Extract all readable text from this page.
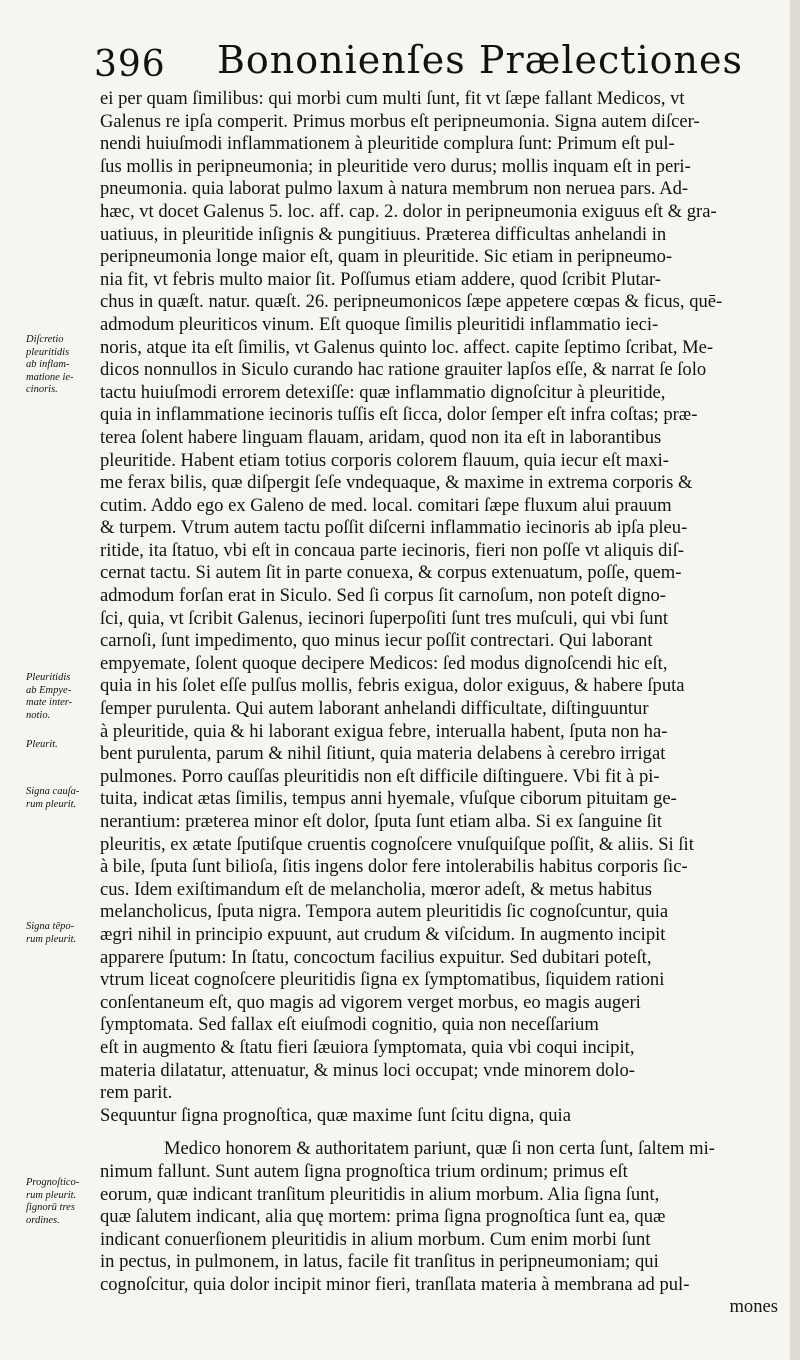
396 Bononienſes Prælectiones
ei per quam ſimilibus: qui morbi cum multi ſunt, fit vt ſæpe fallant Medicos, vt
Galenus re ipſa comperit. Primus morbus eſt peripneumonia. Signa autem diſcer-
nendi huiuſmodi inflammationem à pleuritide complura ſunt: Primum eſt pul-
ſus mollis in peripneumonia; in pleuritide vero durus; mollis inquam eſt in peri-
pneumonia. quia laborat pulmo laxum à natura membrum non neruea pars. Ad-
hæc, vt docet Galenus 5. loc. aff. cap. 2. dolor in peripneumonia exiguus eſt & gra-
uatiuus, in pleuritide inſignis & pungitiuus. Præterea difficultas anhelandi in
peripneumonia longe maior eſt, quam in pleuritide. Sic etiam in peripneumo-
nia fit, vt febris multo maior ſit. Poſſumus etiam addere, quod ſcribit Plutar-
chus in quæſt. natur. quæſt. 26. peripneumonicos ſæpe appetere cœpas & ficus, quē-
admodum pleuriticos vinum. Eſt quoque ſimilis pleuritidi inflammatio ieci-
noris, atque ita eſt ſimilis, vt Galenus quinto loc. affect. capite ſeptimo ſcribat, Me-
dicos nonnullos in Siculo curando hac ratione grauiter lapſos eſſe, & narrat ſe ſolo
tactu huiuſmodi errorem detexiſſe: quæ inflammatio dignoſcitur à pleuritide,
quia in inflammatione iecinoris tuſſis eſt ſicca, dolor ſemper eſt infra coſtas; præ-
terea ſolent habere linguam flauam, aridam, quod non ita eſt in laborantibus
pleuritide. Habent etiam totius corporis colorem flauum, quia iecur eſt maxi-
me ferax bilis, quæ diſpergit ſeſe vndequaque, & maxime in extrema corporis &
cutim. Addo ego ex Galeno de med. local. comitari ſæpe fluxum alui prauum
& turpem. Vtrum autem tactu poſſit diſcerni inflammatio iecinoris ab ipſa pleu-
ritide, ita ſtatuo, vbi eſt in concaua parte iecinoris, fieri non poſſe vt aliquis diſ-
cernat tactu. Si autem ſit in parte conuexa, & corpus extenuatum, poſſe, quem-
admodum forſan erat in Siculo. Sed ſi corpus ſit carnoſum, non poteſt digno-
ſci, quia, vt ſcribit Galenus, iecinori ſuperpoſiti ſunt tres muſculi, qui vbi ſunt
carnoſi, ſunt impedimento, quo minus iecur poſſit contrectari. Qui laborant
empyemate, ſolent quoque decipere Medicos: ſed modus dignoſcendi hic eſt,
quia in his ſolet eſſe pulſus mollis, febris exigua, dolor exiguus, & habere ſputa
ſemper purulenta. Qui autem laborant anhelandi difficultate, diſtinguuntur
à pleuritide, quia & hi laborant exigua febre, interualla habent, ſputa non ha-
bent purulenta, parum & nihil ſitiunt, quia materia delabens à cerebro irrigat
pulmones. Porro cauſſas pleuritidis non eſt difficile diſtinguere. Vbi fit à pi-
tuita, indicat ætas ſimilis, tempus anni hyemale, vſuſque ciborum pituitam ge-
nerantium: præterea minor eſt dolor, ſputa ſunt etiam alba. Si ex ſanguine ſit
pleuritis, ex ætate ſputiſque cruentis cognoſcere vnuſquiſque poſſit, & aliis. Si ſit
à bile, ſputa ſunt bilioſa, ſitis ingens dolor fere intolerabilis habitus corporis ſic-
cus. Idem exiſtimandum eſt de melancholia, mœror adeſt, & metus habitus
melancholicus, ſputa nigra. Tempora autem pleuritidis ſic cognoſcuntur, quia
ægri nihil in principio expuunt, aut crudum & viſcidum. In augmento incipit
apparere ſputum: In ſtatu, concoctum facilius expuitur. Sed dubitari poteſt,
vtrum liceat cognoſcere pleuritidis ſigna ex ſymptomatibus, ſiquidem rationi
conſentaneum eſt, quo magis ad vigorem verget morbus, eo magis augeri
ſymptomata. Sed fallax eſt eiuſmodi cognitio, quia non neceſſarium
eſt in augmento & ſtatu fieri ſæuiora ſymptomata, quia vbi coqui incipit,
materia dilatatur, attenuatur, & minus loci occupat; vnde minorem dolo-
rem parit.
Sequuntur ſigna prognoſtica, quæ maxime ſunt ſcitu digna, quia
Medico honorem & authoritatem pariunt, quæ ſi non certa ſunt, ſaltem mi-
nimum fallunt. Sunt autem ſigna prognoſtica trium ordinum; primus eſt
eorum, quæ indicant tranſitum pleuritidis in alium morbum. Alia ſigna ſunt,
quæ ſalutem indicant, alia quę mortem: prima ſigna prognoſtica ſunt ea, quæ
indicant conuerſionem pleuritidis in alium morbum. Cum enim morbi ſunt
in pectus, in pulmonem, in latus, facile fit tranſitus in peripneumoniam; qui
cognoſcitur, quia dolor incipit minor fieri, tranſlata materia à membrana ad pul-
mones
Diſcretio
pleuritidis
ab inflam-
matione ie-
cinoris.
Pleuritidis
ab Empye-
mate inter-
notio.
Pleurit.
Signa cauſa-
rum pleurit.
Signa tēpo-
rum pleurit.
Prognoſtico-
rum pleurit.
ſignorū tres
ordines.
